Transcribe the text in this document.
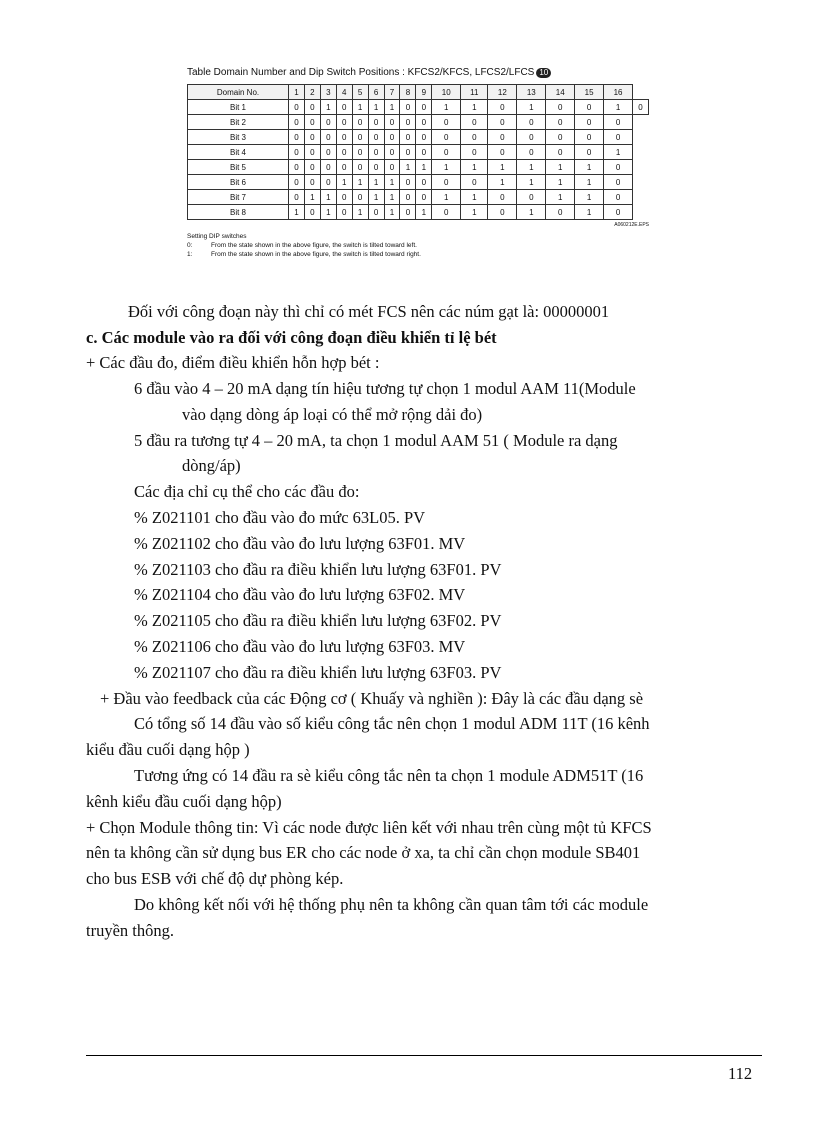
Table Domain Number and Dip Switch Positions : KFCS2/KFCS, LFCS2/LFCS 10
Domain No.	1	2	3	4	5	6	7	8	9	10	11	12	13	14	15	16	
Bit 1	0	0	1	0	1	1	1	0	0	1	1	0	1	0	0	1	0
Bit 2	0	0	0	0	0	0	0	0	0	0	0	0	0	0	0	0	
Bit 3	0	0	0	0	0	0	0	0	0	0	0	0	0	0	0	0	
Bit 4	0	0	0	0	0	0	0	0	0	0	0	0	0	0	0	1	
Bit 5	0	0	0	0	0	0	0	1	1	1	1	1	1	1	1	0	
Bit 6	0	0	0	1	1	1	1	0	0	0	0	1	1	1	1	0	
Bit 7	0	1	1	0	0	1	1	0	0	1	1	0	0	1	1	0	
Bit 8	1	0	1	0	1	0	1	0	1	0	1	0	1	0	1	0	
A060212E.EPS
Setting DIP switches
0:	From the state shown in the above figure, the switch is tilted toward left.
1:	From the state shown in the above figure, the switch is tilted toward right.
Đối với công đoạn này thì chỉ có mét FCS nên các núm gạt là: 00000001
c. Các module vào ra đối với công đoạn điều khiển tỉ lệ bét
+ Các đầu đo, điểm điều khiển hỗn hợp bét :
6 đầu vào 4 – 20 mA dạng tín hiệu tương tự chọn 1 modul AAM 11(Module
vào dạng dòng áp loại có thể mở rộng dải đo)
5 đầu ra tương tự 4 – 20 mA, ta chọn 1 modul AAM 51 ( Module ra dạng
dòng/áp)
Các địa chỉ cụ thể cho các đầu đo:
% Z021101 cho đầu vào đo mức 63L05. PV
% Z021102 cho đầu vào đo lưu lượng 63F01. MV
% Z021103 cho đầu ra điều khiển lưu lượng 63F01. PV
% Z021104 cho đầu vào đo lưu lượng 63F02. MV
% Z021105 cho đầu ra điều khiển lưu lượng 63F02. PV
% Z021106 cho đầu vào đo lưu lượng 63F03. MV
% Z021107 cho đầu ra điều khiển lưu lượng 63F03. PV
+ Đầu vào feedback của các Động cơ ( Khuấy và nghiền ): Đây là các đầu dạng sè
Có tổng số 14 đầu vào số kiểu công tắc nên chọn 1 modul ADM 11T (16 kênh
kiểu đầu cuối dạng hộp )
Tương ứng có 14 đầu ra sè kiểu công tắc nên ta chọn 1 module ADM51T (16
kênh kiểu đầu cuối dạng hộp)
+ Chọn Module thông tin: Vì các node được liên kết với nhau trên cùng một tủ KFCS
nên ta không cần sử dụng bus ER cho các node ở xa, ta chỉ cần chọn module SB401
cho bus ESB với chế độ dự phòng kép.
Do không kết nối với hệ thống phụ nên ta không cần quan tâm tới các module
truyền thông.
112
